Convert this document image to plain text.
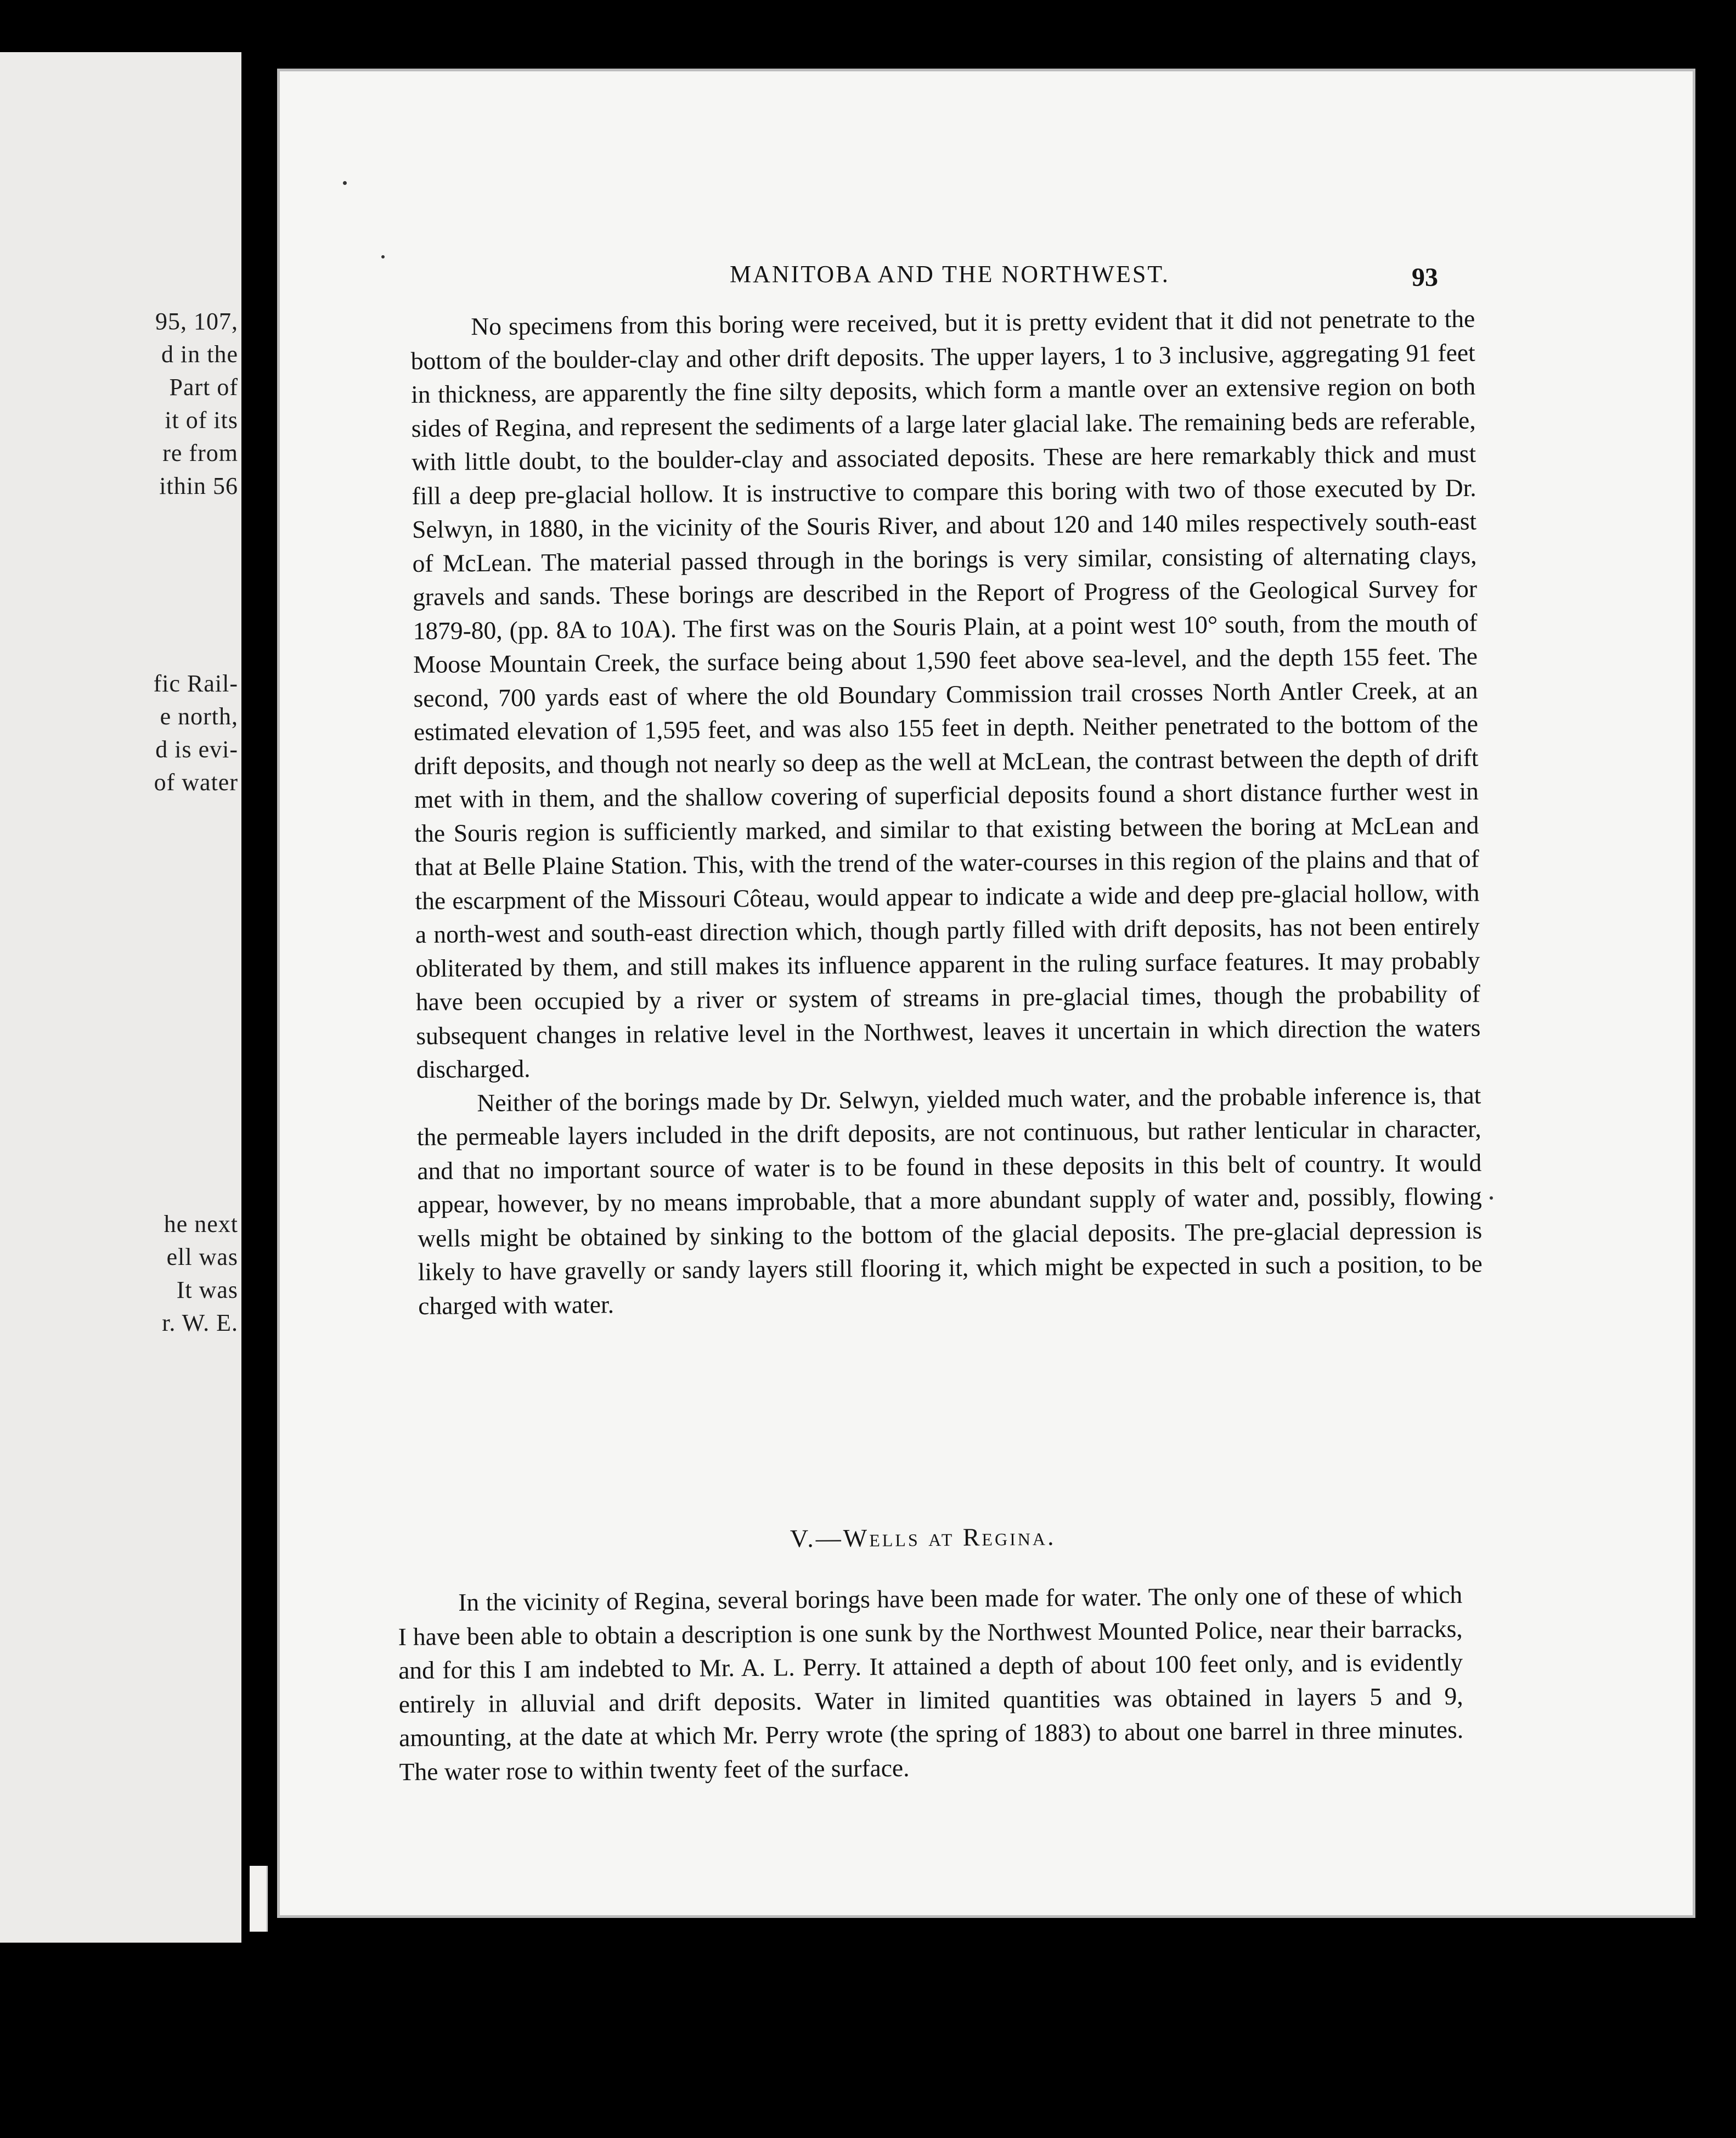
95, 107,
d in the
Part of
it of its
re from
ithin 56
fic Rail-
e north,
d is evi-
of water
he next
ell was
It was
r. W. E.
MANITOBA AND THE NORTHWEST.	93

No specimens from this boring were received, but it is pretty evident that it did not penetrate to the bottom of the boulder-clay and other drift deposits. The upper layers, 1 to 3 inclusive, aggregating 91 feet in thickness, are apparently the fine silty deposits, which form a mantle over an extensive region on both sides of Regina, and represent the sediments of a large later glacial lake. The remaining beds are referable, with little doubt, to the boulder-clay and associated deposits. These are here remarkably thick and must fill a deep pre-glacial hollow. It is instructive to compare this boring with two of those executed by Dr. Selwyn, in 1880, in the vicinity of the Souris River, and about 120 and 140 miles respectively south-east of McLean. The material passed through in the borings is very similar, consisting of alternating clays, gravels and sands. These borings are described in the Report of Progress of the Geological Survey for 1879-80, (pp. 8A to 10A). The first was on the Souris Plain, at a point west 10° south, from the mouth of Moose Mountain Creek, the surface being about 1,590 feet above sea-level, and the depth 155 feet. The second, 700 yards east of where the old Boundary Commission trail crosses North Antler Creek, at an estimated elevation of 1,595 feet, and was also 155 feet in depth. Neither penetrated to the bottom of the drift deposits, and though not nearly so deep as the well at McLean, the contrast between the depth of drift met with in them, and the shallow covering of superficial deposits found a short distance further west in the Souris region is sufficiently marked, and similar to that existing between the boring at McLean and that at Belle Plaine Station. This, with the trend of the water-courses in this region of the plains and that of the escarpment of the Missouri Côteau, would appear to indicate a wide and deep pre-glacial hollow, with a north-west and south-east direction which, though partly filled with drift deposits, has not been entirely obliterated by them, and still makes its influence apparent in the ruling surface features. It may probably have been occupied by a river or system of streams in pre-glacial times, though the probability of subsequent changes in relative level in the Northwest, leaves it uncertain in which direction the waters discharged.

Neither of the borings made by Dr. Selwyn, yielded much water, and the probable inference is, that the permeable layers included in the drift deposits, are not continuous, but rather lenticular in character, and that no important source of water is to be found in these deposits in this belt of country. It would appear, however, by no means improbable, that a more abundant supply of water and, possibly, flowing wells might be obtained by sinking to the bottom of the glacial deposits. The pre-glacial depression is likely to have gravelly or sandy layers still flooring it, which might be expected in such a position, to be charged with water.

V.—Wells at Regina.

In the vicinity of Regina, several borings have been made for water. The only one of these of which I have been able to obtain a description is one sunk by the Northwest Mounted Police, near their barracks, and for this I am indebted to Mr. A. L. Perry. It attained a depth of about 100 feet only, and is evidently entirely in alluvial and drift deposits. Water in limited quantities was obtained in layers 5 and 9, amounting, at the date at which Mr. Perry wrote (the spring of 1883) to about one barrel in three minutes. The water rose to within twenty feet of the surface.
